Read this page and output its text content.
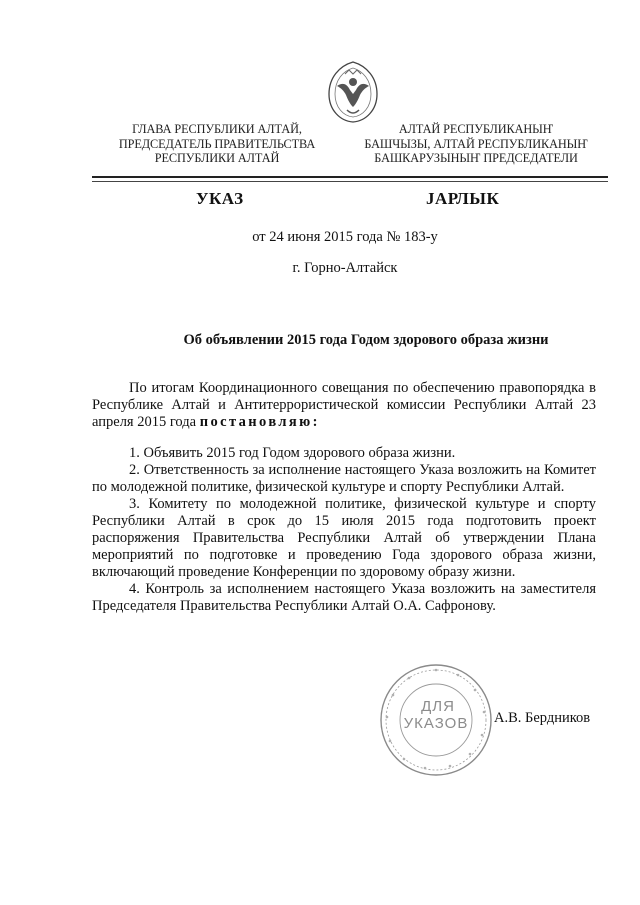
ГЛАВА РЕСПУБЛИКИ АЛТАЙ,
ПРЕДСЕДАТЕЛЬ ПРАВИТЕЛЬСТВА
РЕСПУБЛИКИ АЛТАЙ
АЛТАЙ РЕСПУБЛИКАНЫҤ
БАШЧЫЗЫ, АЛТАЙ РЕСПУБЛИКАНЫҤ
БАШКАРУЗЫНЫҤ ПРЕДСЕДАТЕЛИ
УКАЗ	JАРЛЫК
от 24 июня 2015 года № 183-у
г. Горно-Алтайск
Об объявлении 2015 года Годом здорового образа жизни

По итогам Координационного совещания по обеспечению правопорядка в Республике Алтай и Антитеррористической комиссии Республики Алтай 23 апреля 2015 года постановляю:

1. Объявить 2015 год Годом здорового образа жизни.

2. Ответственность за исполнение настоящего Указа возложить на Комитет по молодежной политике, физической культуре и спорту Республики Алтай.

3. Комитету по молодежной политике, физической культуре и спорту Республики Алтай в срок до 15 июля 2015 года подготовить проект распоряжения Правительства Республики Алтай об утверждении Плана мероприятий по подготовке и проведению Года здорового образа жизни, включающий проведение Конференции по здоровому образу жизни.

4. Контроль за исполнением настоящего Указа возложить на заместителя Председателя Правительства Республики Алтай О.А. Сафронову.

ДЛЯ
УКАЗОВ А.В. Бердников
